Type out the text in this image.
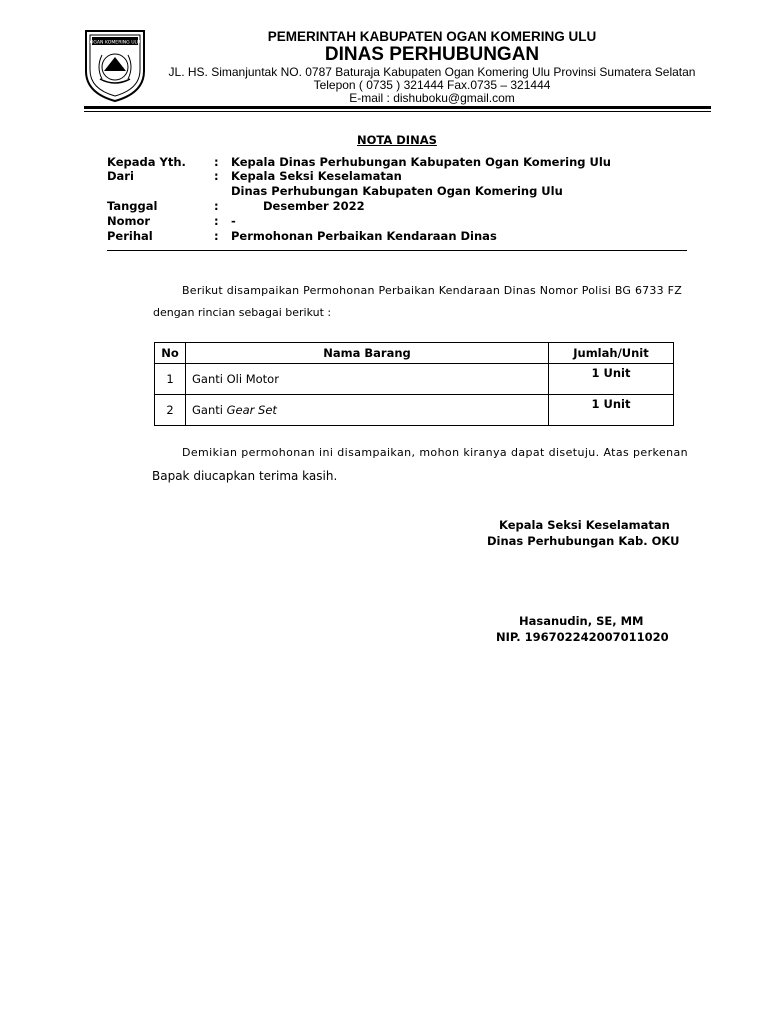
OGAN KOMERING ULU	PEMERINTAH KABUPATEN OGAN KOMERING ULU
DINAS PERHUBUNGAN
JL. HS. Simanjuntak NO. 0787 Baturaja Kabupaten Ogan Komering Ulu Provinsi Sumatera Selatan
Telepon ( 0735 ) 321444 Fax.0735 – 321444
E-mail : dishuboku@gmail.com
NOTA DINAS
Kepada Yth. : Kepala Dinas Perhubungan Kabupaten Ogan Komering Ulu
Dari	: Kepala Seksi Keselamatan
Dinas Perhubungan Kabupaten Ogan Komering Ulu
Tanggal	:	Desember 2022
Nomor	: -
Perihal	: Permohonan Perbaikan Kendaraan Dinas
Berikut disampaikan Permohonan Perbaikan Kendaraan Dinas Nomor Polisi BG 6733 FZ
dengan rincian sebagai berikut :
No	Nama Barang	Jumlah/Unit
1	Ganti Oli Motor	1 Unit
2	Ganti Gear Set	1 Unit
Demikian permohonan ini disampaikan, mohon kiranya dapat disetuju. Atas perkenan
Bapak diucapkan terima kasih.
Kepala Seksi Keselamatan
Dinas Perhubungan Kab. OKU
Hasanudin, SE, MM
NIP. 196702242007011020
